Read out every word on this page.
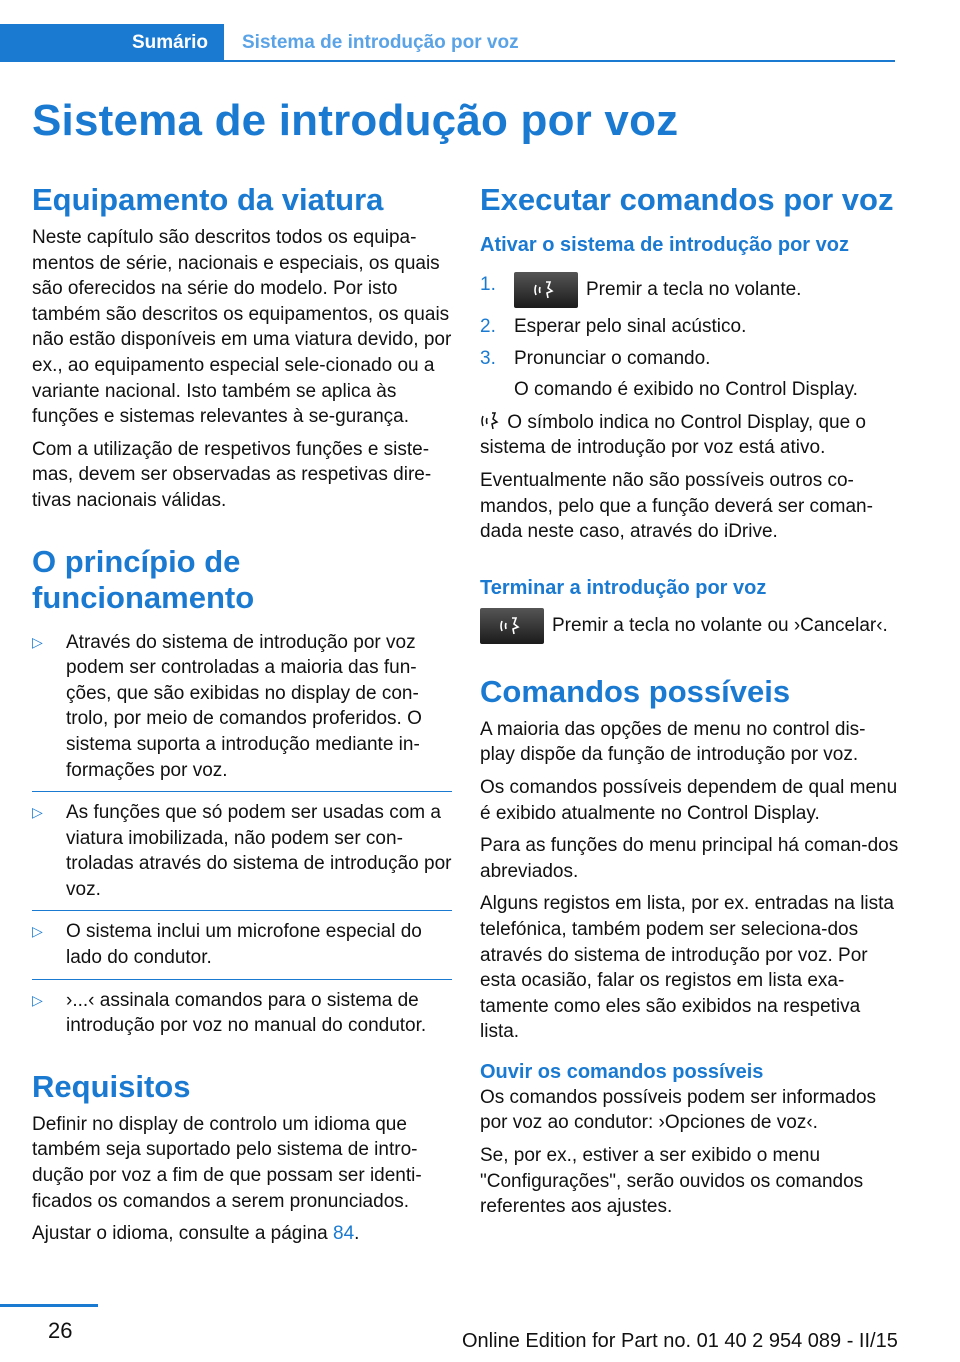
Sumário Sistema de introdução por voz
Sistema de introdução por voz
Equipamento da viatura

Neste capítulo são descritos todos os equipa-mentos de série, nacionais e especiais, os quais são oferecidos na série do modelo. Por isto também são descritos os equipamentos, os quais não estão disponíveis em uma viatura devido, por ex., ao equipamento especial sele-cionado ou a variante nacional. Isto também se aplica às funções e sistemas relevantes à se-gurança.

Com a utilização de respetivos funções e siste-mas, devem ser observadas as respetivas dire-tivas nacionais válidas.

O princípio de funcionamento
▷ Através do sistema de introdução por voz podem ser controladas a maioria das fun-ções, que são exibidas no display de con-trolo, por meio de comandos proferidos. O sistema suporta a introdução mediante in-formações por voz.
▷ As funções que só podem ser usadas com a viatura imobilizada, não podem ser con-troladas através do sistema de introdução por voz.
▷ O sistema inclui um microfone especial do lado do condutor.
▷ ›...‹ assinala comandos para o sistema de introdução por voz no manual do condutor.
Requisitos

Definir no display de controlo um idioma que também seja suportado pelo sistema de intro-dução por voz a fim de que possam ser identi-ficados os comandos a serem pronunciados.

Ajustar o idioma, consulte a página 84.

Executar comandos por voz
Ativar o sistema de introdução por voz
1.	Premir a tecla no volante.
2. Esperar pelo sinal acústico.
3. Pronunciar o comando.
O comando é exibido no Control Display.

O símbolo indica no Control Display, que o sistema de introdução por voz está ativo.

Eventualmente não são possíveis outros co-mandos, pelo que a função deverá ser coman-dada neste caso, através do iDrive.

Terminar a introdução por voz

Premir a tecla no volante ou ›Cancelar‹.

Comandos possíveis

A maioria das opções de menu no control dis-play dispõe da função de introdução por voz.

Os comandos possíveis dependem de qual menu é exibido atualmente no Control Display.

Para as funções do menu principal há coman-dos abreviados.

Alguns registos em lista, por ex. entradas na lista telefónica, também podem ser seleciona-dos através do sistema de introdução por voz. Por esta ocasião, falar os registos em lista exa-tamente como eles são exibidos na respetiva lista.

Ouvir os comandos possíveis

Os comandos possíveis podem ser informados por voz ao condutor: ›Opciones de voz‹.

Se, por ex., estiver a ser exibido o menu "Configurações", serão ouvidos os comandos referentes aos ajustes.

26	Online Edition for Part no. 01 40 2 954 089 - II/15
